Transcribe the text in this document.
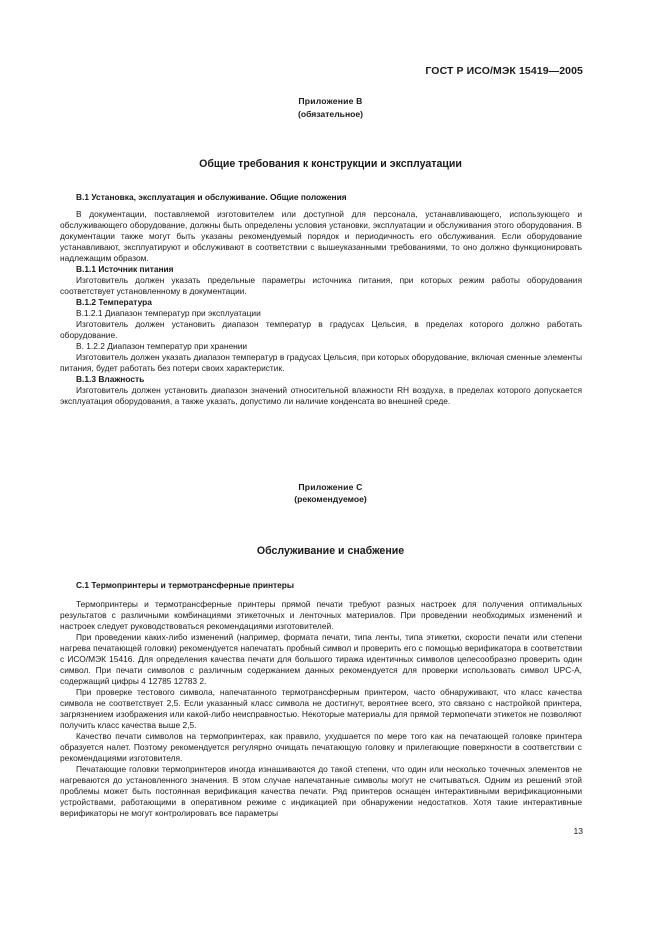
ГОСТ Р ИСО/МЭК 15419—2005
Приложение В
(обязательное)
Общие требования к конструкции и эксплуатации

В.1 Установка, эксплуатация и обслуживание. Общие положения

В документации, поставляемой изготовителем или доступной для персонала, устанавливающего, использующего и обслуживающего оборудование, должны быть определены условия установки, эксплуатации и обслуживания этого оборудования. В документации также могут быть указаны рекомендуемый порядок и периодичность его обслуживания. Если оборудование устанавливают, эксплуатируют и обслуживают в соответствии с вышеуказанными требованиями, то оно должно функционировать надлежащим образом.

В.1.1 Источник питания

Изготовитель должен указать предельные параметры источника питания, при которых режим работы оборудования соответствует установленному в документации.

В.1.2 Температура

В.1.2.1 Диапазон температур при эксплуатации

Изготовитель должен установить диапазон температур в градусах Цельсия, в пределах которого должно работать оборудование.

В. 1.2.2 Диапазон температур при хранении

Изготовитель должен указать диапазон температур в градусах Цельсия, при которых оборудование, включая сменные элементы питания, будет работать без потери своих характеристик.

В.1.3 Влажность

Изготовитель должен установить диапазон значений относительной влажности RH воздуха, в пределах которого допускается эксплуатация оборудования, а также указать, допустимо ли наличие конденсата во внешней среде.

Приложение С
(рекомендуемое)
Обслуживание и снабжение

С.1 Термопринтеры и термотрансферные принтеры

Термопринтеры и термотрансферные принтеры прямой печати требуют разных настроек для получения оптимальных результатов с различными комбинациями этикеточных и ленточных материалов. При проведении необходимых изменений и настроек следует руководствоваться рекомендациями изготовителей.

При проведении каких-либо изменений (например, формата печати, типа ленты, типа этикетки, скорости печати или степени нагрева печатающей головки) рекомендуется напечатать пробный символ и проверить его с помощью верификатора в соответствии с ИСО/МЭК 15416. Для определения качества печати для большого тиража идентичных символов целесообразно проверить один символ. При печати символов с различным содержанием данных рекомендуется для проверки использовать символ UPC-A, содержащий цифры 4 12785 12783 2.

При проверке тестового символа, напечатанного термотрансферным принтером, часто обнаруживают, что класс качества символа не соответствует 2,5. Если указанный класс символа не достигнут, вероятнее всего, это связано с настройкой принтера, загрязнением изображения или какой-либо неисправностью. Некоторые материалы для прямой термопечати этикеток не позволяют получить класс качества выше 2,5.

Качество печати символов на термопринтерах, как правило, ухудшается по мере того как на печатающей головке принтера образуется налет. Поэтому рекомендуется регулярно очищать печатающую головку и прилегающие поверхности в соответствии с рекомендациями изготовителя.

Печатающие головки термопринтеров иногда изнашиваются до такой степени, что один или несколько точечных элементов не нагреваются до установленного значения. В этом случае напечатанные символы могут не считываться. Одним из решений этой проблемы может быть постоянная верификация качества печати. Ряд принтеров оснащен интерактивными верификационными устройствами, работающими в оперативном режиме с индикацией при обнаружении недостатков. Хотя такие интерактивные верификаторы не могут контролировать все параметры

13
